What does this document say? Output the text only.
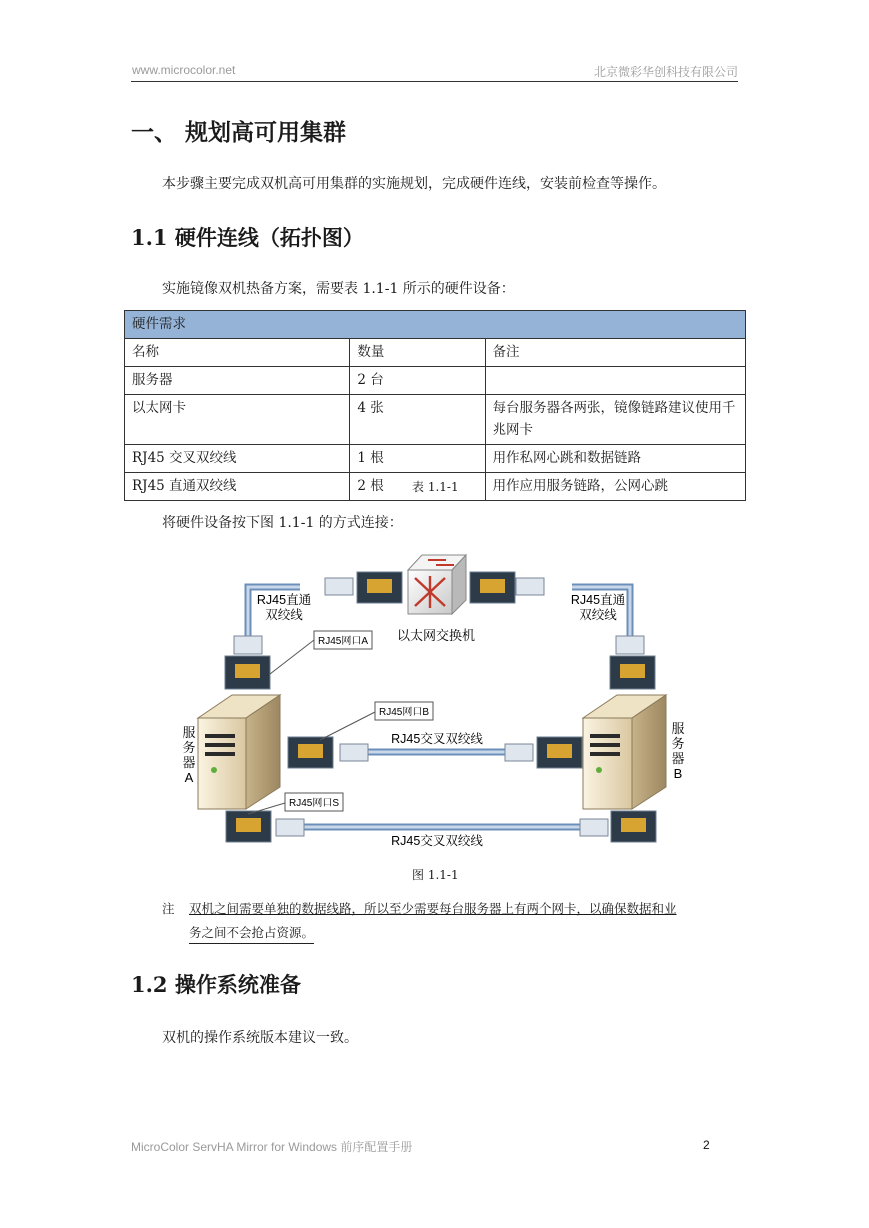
www.microcolor.net	北京微彩华创科技有限公司
一、 规划高可用集群
本步骤主要完成双机高可用集群的实施规划，完成硬件连线，安装前检查等操作。
1.1 硬件连线（拓扑图）
实施镜像双机热备方案，需要表 1.1-1 所示的硬件设备：
硬件需求		
名称	数量	备注
服务器	2 台	
以太网卡	4 张	每台服务器各两张，镜像链路建议使用千兆网卡
RJ45 交叉双绞线	1 根	用作私网心跳和数据链路
RJ45 直通双绞线	2 根	用作应用服务链路，公网心跳
表 1.1-1
将硬件设备按下图 1.1-1 的方式连接：
RJ45直通
双绞线
RJ45直通
双绞线
以太网交换机
RJ45网口A
RJ45网口B
RJ45网口S
RJ45交叉双绞线
RJ45交叉双绞线
服
务
器
A
服
务
器
B
图 1.1-1
注 双机之间需要单独的数据线路，所以至少需要每台服务器上有两个网卡，以确保数据和业
务之间不会抢占资源。
1.2 操作系统准备
双机的操作系统版本建议一致。
MicroColor ServHA Mirror for Windows 前序配置手册	2
